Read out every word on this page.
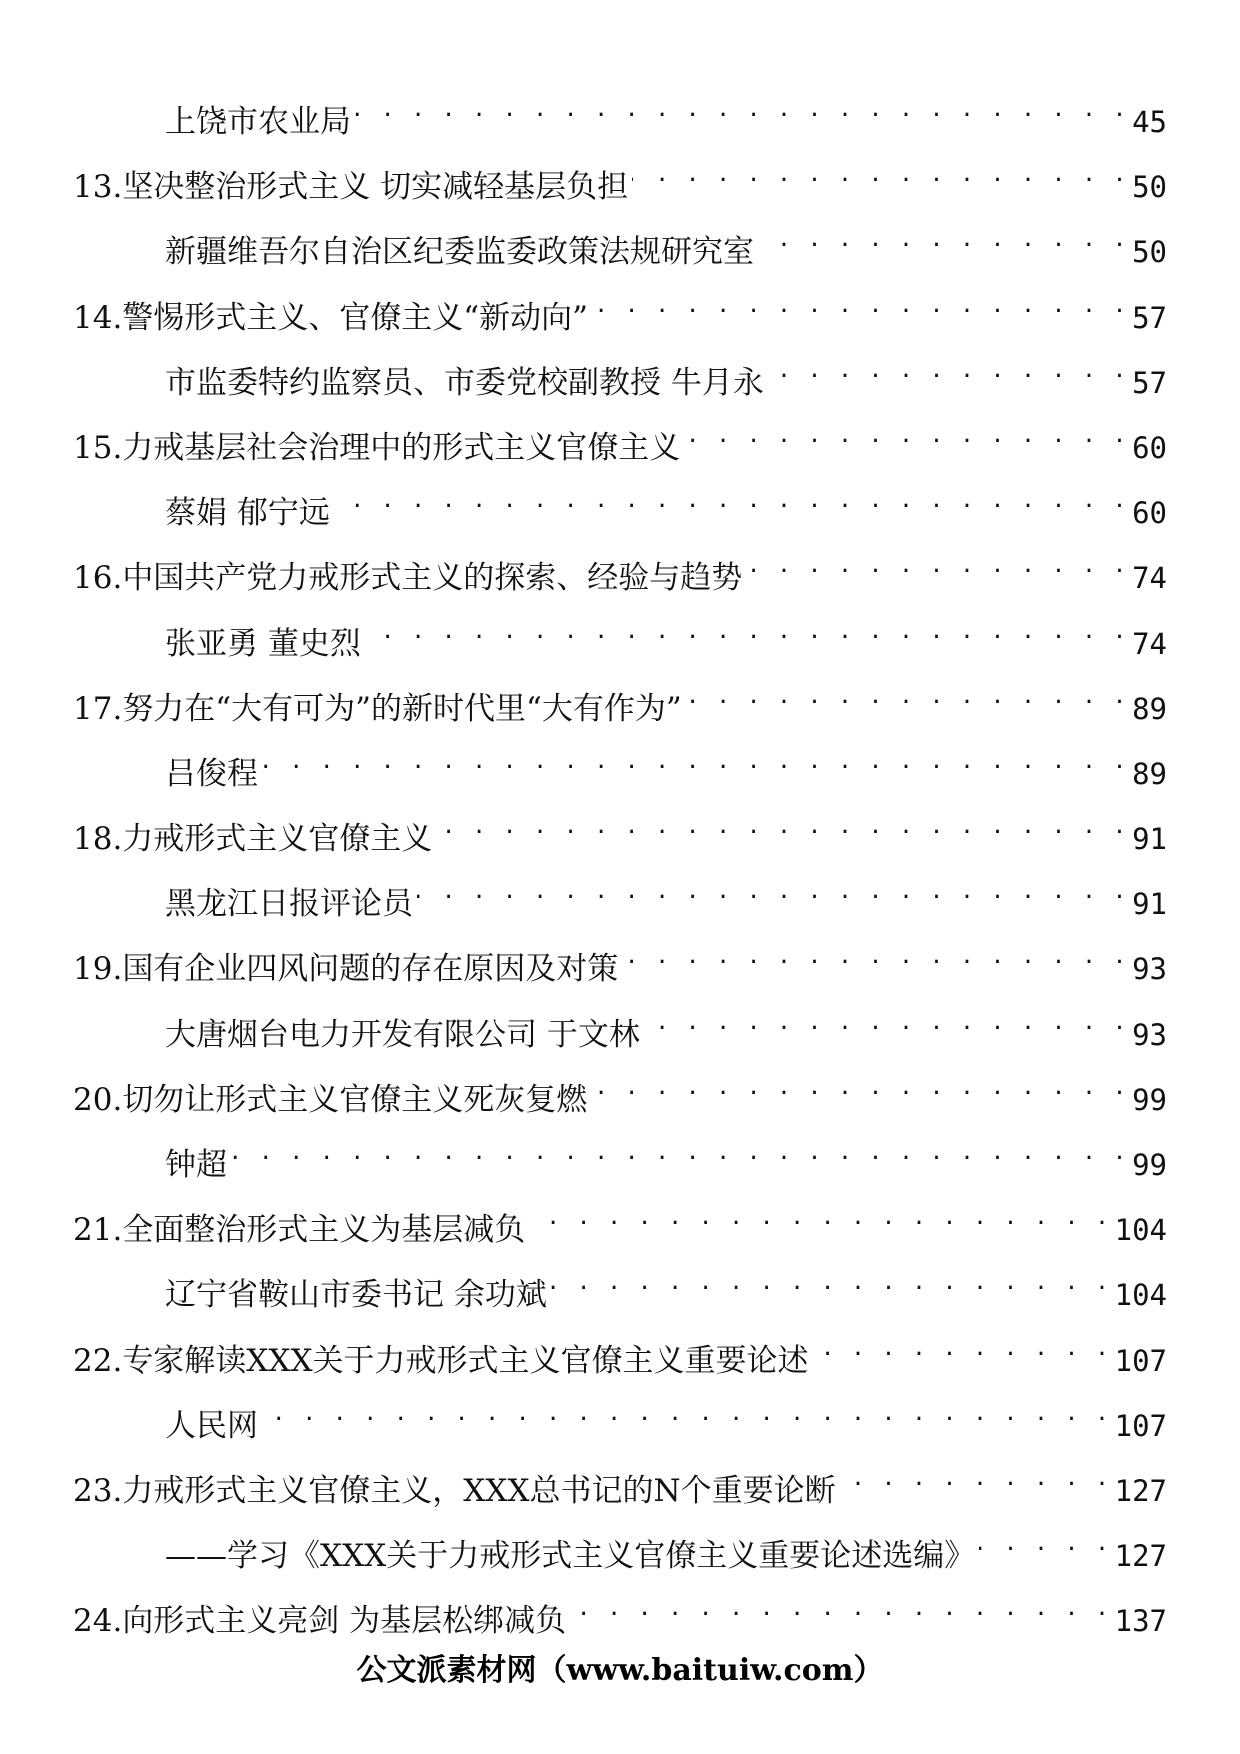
上饶市农业局 . . .	45
13. 坚决整治形式主义 切实减轻基层负担 . . .	50
新疆维吾尔自治区纪委监委政策法规研究室 . . .	50
14. 警惕形式主义、官僚主义“新动向” . . .	57
市监委特约监察员、市委党校副教授 牛月永 . . .	57
15. 力戒基层社会治理中的形式主义官僚主义 . . .	60
蔡娟 郁宁远 . . .	60
16. 中国共产党力戒形式主义的探索、经验与趋势 . . .	74
张亚勇 董史烈 . . .	74
17. 努力在“大有可为”的新时代里“大有作为” . . .	89
吕俊程 . . .	89
18. 力戒形式主义官僚主义 . . .	91
黑龙江日报评论员 . . .	91
19. 国有企业四风问题的存在原因及对策 . . .	93
大唐烟台电力开发有限公司 于文林 . . .	93
20. 切勿让形式主义官僚主义死灰复燃 . . .	99
钟超 . . .	99
21. 全面整治形式主义为基层减负 . . .	104
辽宁省鞍山市委书记 余功斌 . . .	104
22. 专家解读XXX关于力戒形式主义官僚主义重要论述 . . .	107
人民网 . . .	107
23. 力戒形式主义官僚主义，XXX总书记的N个重要论断 . . .	127
——学习《XXX关于力戒形式主义官僚主义重要论述选编》 . . .	127
24. 向形式主义亮剑 为基层松绑减负 . . .	137
公文派素材网（www.baituiw.com）
